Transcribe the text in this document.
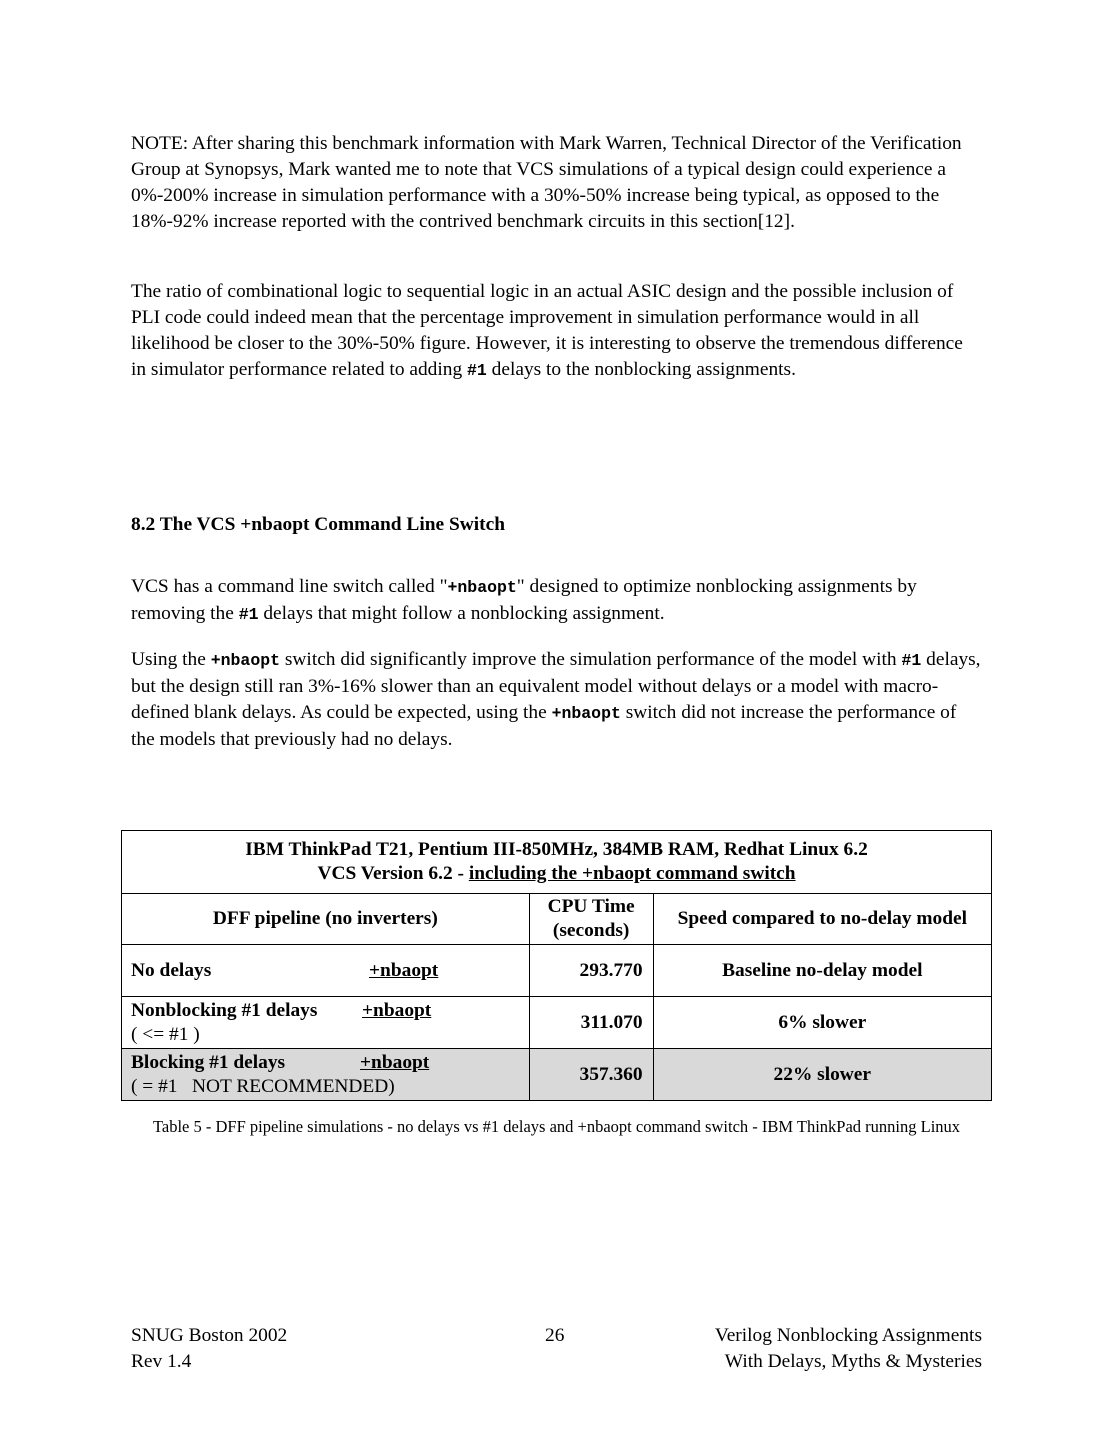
NOTE: After sharing this benchmark information with Mark Warren, Technical Director of the Verification Group at Synopsys, Mark wanted me to note that VCS simulations of a typical design could experience a 0%-200% increase in simulation performance with a 30%-50% increase being typical, as opposed to the 18%-92% increase reported with the contrived benchmark circuits in this section[12].

The ratio of combinational logic to sequential logic in an actual ASIC design and the possible inclusion of PLI code could indeed mean that the percentage improvement in simulation performance would in all likelihood be closer to the 30%-50% figure. However, it is interesting to observe the tremendous difference in simulator performance related to adding #1 delays to the nonblocking assignments.

8.2 The VCS +nbaopt Command Line Switch

VCS has a command line switch called "+nbaopt" designed to optimize nonblocking assignments by removing the #1 delays that might follow a nonblocking assignment.

Using the +nbaopt switch did significantly improve the simulation performance of the model with #1 delays, but the design still ran 3%-16% slower than an equivalent model without delays or a model with macro-defined blank delays. As could be expected, using the +nbaopt switch did not increase the performance of the models that previously had no delays.

IBM ThinkPad T21, Pentium III-850MHz, 384MB RAM, Redhat Linux 6.2
VCS Version 6.2 - including the +nbaopt command switch		

DFF pipeline (no inverters)	CPU Time (seconds)	Speed compared to no-delay model
No delays +nbaopt	293.770	Baseline no-delay model
Nonblocking #1 delays +nbaopt
( <= #1 )	311.070	6% slower
Blocking #1 delays +nbaopt
( = #1   NOT RECOMMENDED)	357.360	22% slower
Table 5 - DFF pipeline simulations - no delays vs #1 delays and +nbaopt command switch - IBM ThinkPad running Linux
SNUG Boston 2002
Rev 1.4
26	Verilog Nonblocking Assignments
With Delays, Myths & Mysteries
